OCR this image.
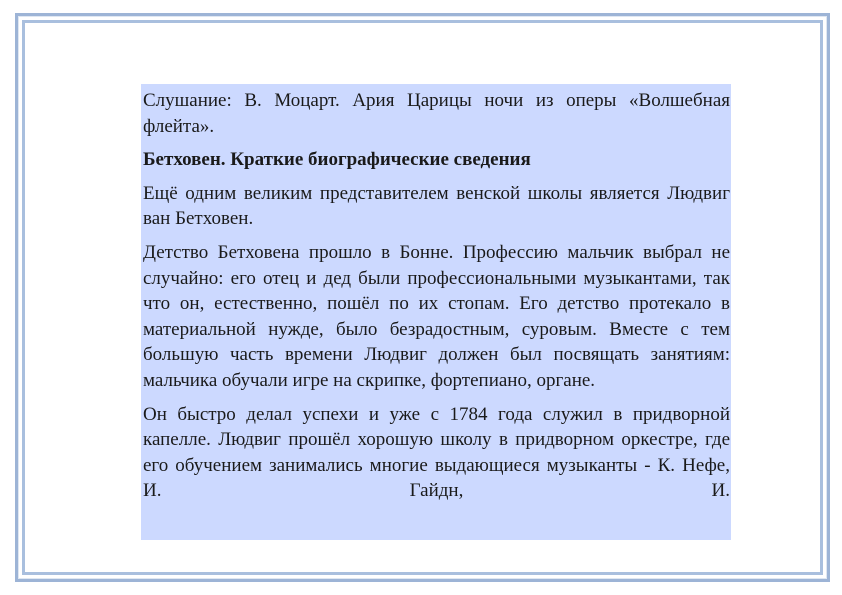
Слушание: В. Моцарт. Ария Царицы ночи из оперы «Волшебная флейта».

Бетховен. Краткие биографические сведения

Ещё одним великим представителем венской школы является Людвиг ван Бетховен.

Детство Бетховена прошло в Бонне. Профессию мальчик выбрал не случайно: его отец и дед были профессиональными музыкантами, так что он, естественно, пошёл по их стопам. Его детство протекало в материальной нужде, было безрадостным, суровым. Вместе с тем большую часть времени Людвиг должен был посвящать занятиям: мальчика обучали игре на скрипке, фортепиано, органе.

Он быстро делал успехи и уже с 1784 года служил в придворной капелле. Людвиг прошёл хорошую школу в придворном оркестре, где его обучением занимались многие выдающиеся музыканты - К. Нефе, И. Гайдн, И.
